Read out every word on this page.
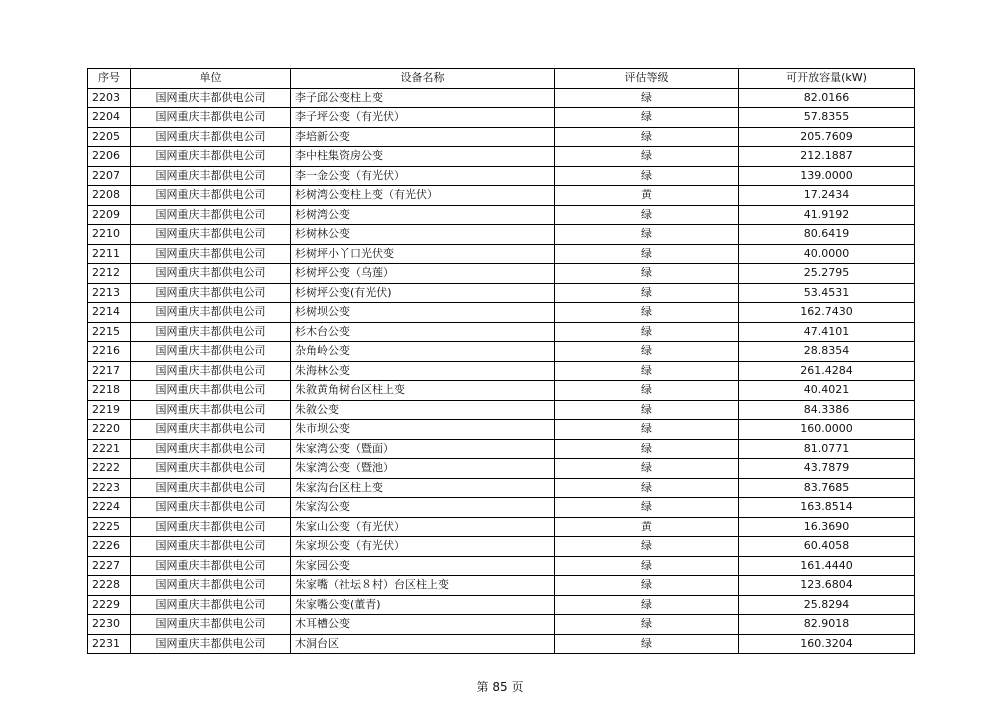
序号	单位	设备名称	评估等级	可开放容量(kW)
2203	国网重庆丰都供电公司	李子邱公变柱上变	绿	82.0166
2204	国网重庆丰都供电公司	李子坪公变（有光伏）	绿	57.8355
2205	国网重庆丰都供电公司	李培新公变	绿	205.7609
2206	国网重庆丰都供电公司	李中柱集资房公变	绿	212.1887
2207	国网重庆丰都供电公司	李一金公变（有光伏）	绿	139.0000
2208	国网重庆丰都供电公司	杉树湾公变柱上变（有光伏）	黄	17.2434
2209	国网重庆丰都供电公司	杉树湾公变	绿	41.9192
2210	国网重庆丰都供电公司	杉树林公变	绿	80.6419
2211	国网重庆丰都供电公司	杉树坪小丫口光伏变	绿	40.0000
2212	国网重庆丰都供电公司	杉树坪公变（乌莲）	绿	25.2795
2213	国网重庆丰都供电公司	杉树坪公变(有光伏)	绿	53.4531
2214	国网重庆丰都供电公司	杉树坝公变	绿	162.7430
2215	国网重庆丰都供电公司	杉木台公变	绿	47.4101
2216	国网重庆丰都供电公司	杂角岭公变	绿	28.8354
2217	国网重庆丰都供电公司	朱海林公变	绿	261.4284
2218	国网重庆丰都供电公司	朱敘黄角树台区柱上变	绿	40.4021
2219	国网重庆丰都供电公司	朱敘公变	绿	84.3386
2220	国网重庆丰都供电公司	朱市坝公变	绿	160.0000
2221	国网重庆丰都供电公司	朱家湾公变（暨面）	绿	81.0771
2222	国网重庆丰都供电公司	朱家湾公变（暨池）	绿	43.7879
2223	国网重庆丰都供电公司	朱家沟台区柱上变	绿	83.7685
2224	国网重庆丰都供电公司	朱家沟公变	绿	163.8514
2225	国网重庆丰都供电公司	朱家山公变（有光伏）	黄	16.3690
2226	国网重庆丰都供电公司	朱家坝公变（有光伏）	绿	60.4058
2227	国网重庆丰都供电公司	朱家园公变	绿	161.4440
2228	国网重庆丰都供电公司	朱家嘴（社坛８村）台区柱上变	绿	123.6804
2229	国网重庆丰都供电公司	朱家嘴公变(董青)	绿	25.8294
2230	国网重庆丰都供电公司	木耳槽公变	绿	82.9018
2231	国网重庆丰都供电公司	木洞台区	绿	160.3204
第 85 页
